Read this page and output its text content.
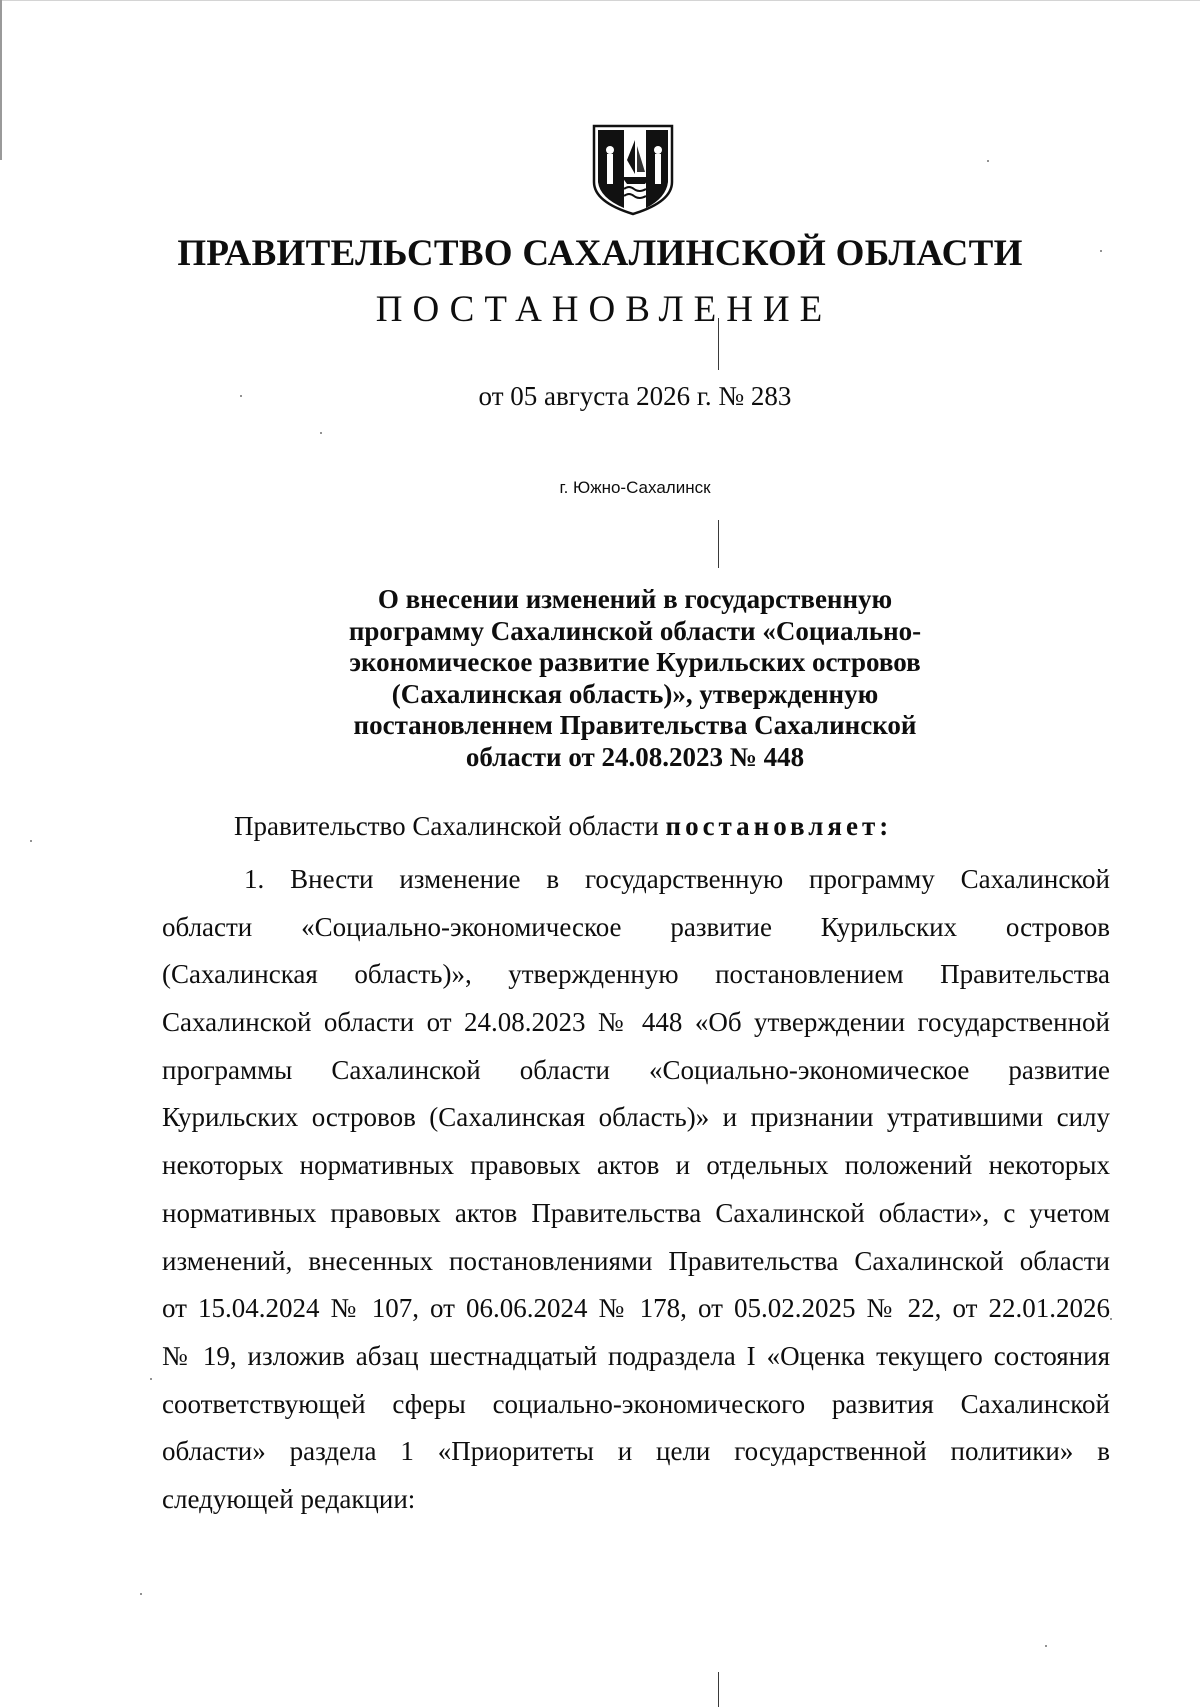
ПРАВИТЕЛЬСТВО САХАЛИНСКОЙ ОБЛАСТИ
ПОСТАНОВЛЕНИЕ
от 05 августа 2026 г. № 283
г. Южно-Сахалинск
О внесении изменений в государственную
программу Сахалинской области «Социально-
экономическое развитие Курильских островов
(Сахалинская область)», утвержденную
постановленнем Правительства Сахалинской
области от 24.08.2023 № 448
Правительство Сахалинской области постановляет:
1. Внести изменение в государственную программу Сахалинской
области «Социально-экономическое развитие Курильских островов
(Сахалинская область)», утвержденную постановлением Правительства
Сахалинской области от 24.08.2023 № 448 «Об утверждении государственной
программы Сахалинской области «Социально-экономическое развитие
Курильских островов (Сахалинская область)» и признании утратившими силу
некоторых нормативных правовых актов и отдельных положений некоторых
нормативных правовых актов Правительства Сахалинской области», с учетом
изменений, внесенных постановлениями Правительства Сахалинской области
от 15.04.2024 № 107, от 06.06.2024 № 178, от 05.02.2025 № 22, от 22.01.2026
№ 19, изложив абзац шестнадцатый подраздела I «Оценка текущего состояния
соответствующей сферы социально-экономического развития Сахалинской
области» раздела 1 «Приоритеты и цели государственной политики» в
следующей редакции:
